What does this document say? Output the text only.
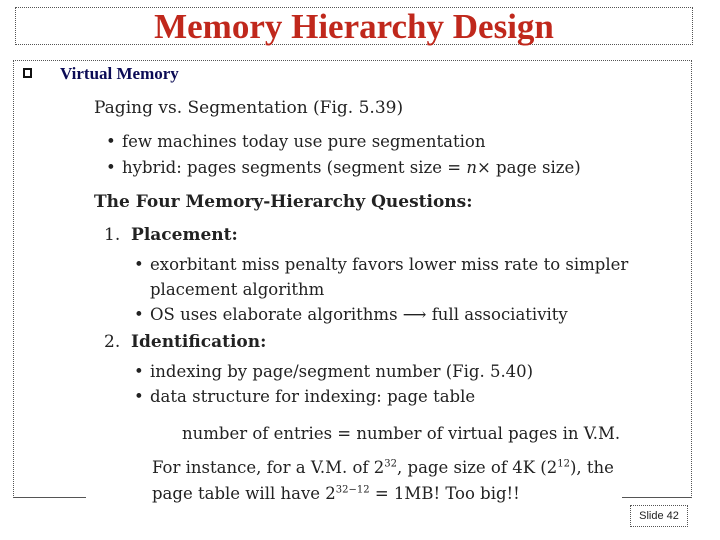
Memory Hierarchy Design
Virtual Memory
Paging vs. Segmentation (Fig. 5.39)
• few machines today use pure segmentation
• hybrid: pages segments (segment size = n× page size)
The Four Memory-Hierarchy Questions:
1. Placement:
• exorbitant miss penalty favors lower miss rate to simpler
placement algorithm
• OS uses elaborate algorithms ⟶ full associativity
2. Identification:
• indexing by page/segment number (Fig. 5.40)
• data structure for indexing: page table
number of entries = number of virtual pages in V.M.
For instance, for a V.M. of $2^{32}$, page size of 4K $(2^{12})$, the
page table will have $2^{32-12} = 1MB$! Too big!!
Slide 42
